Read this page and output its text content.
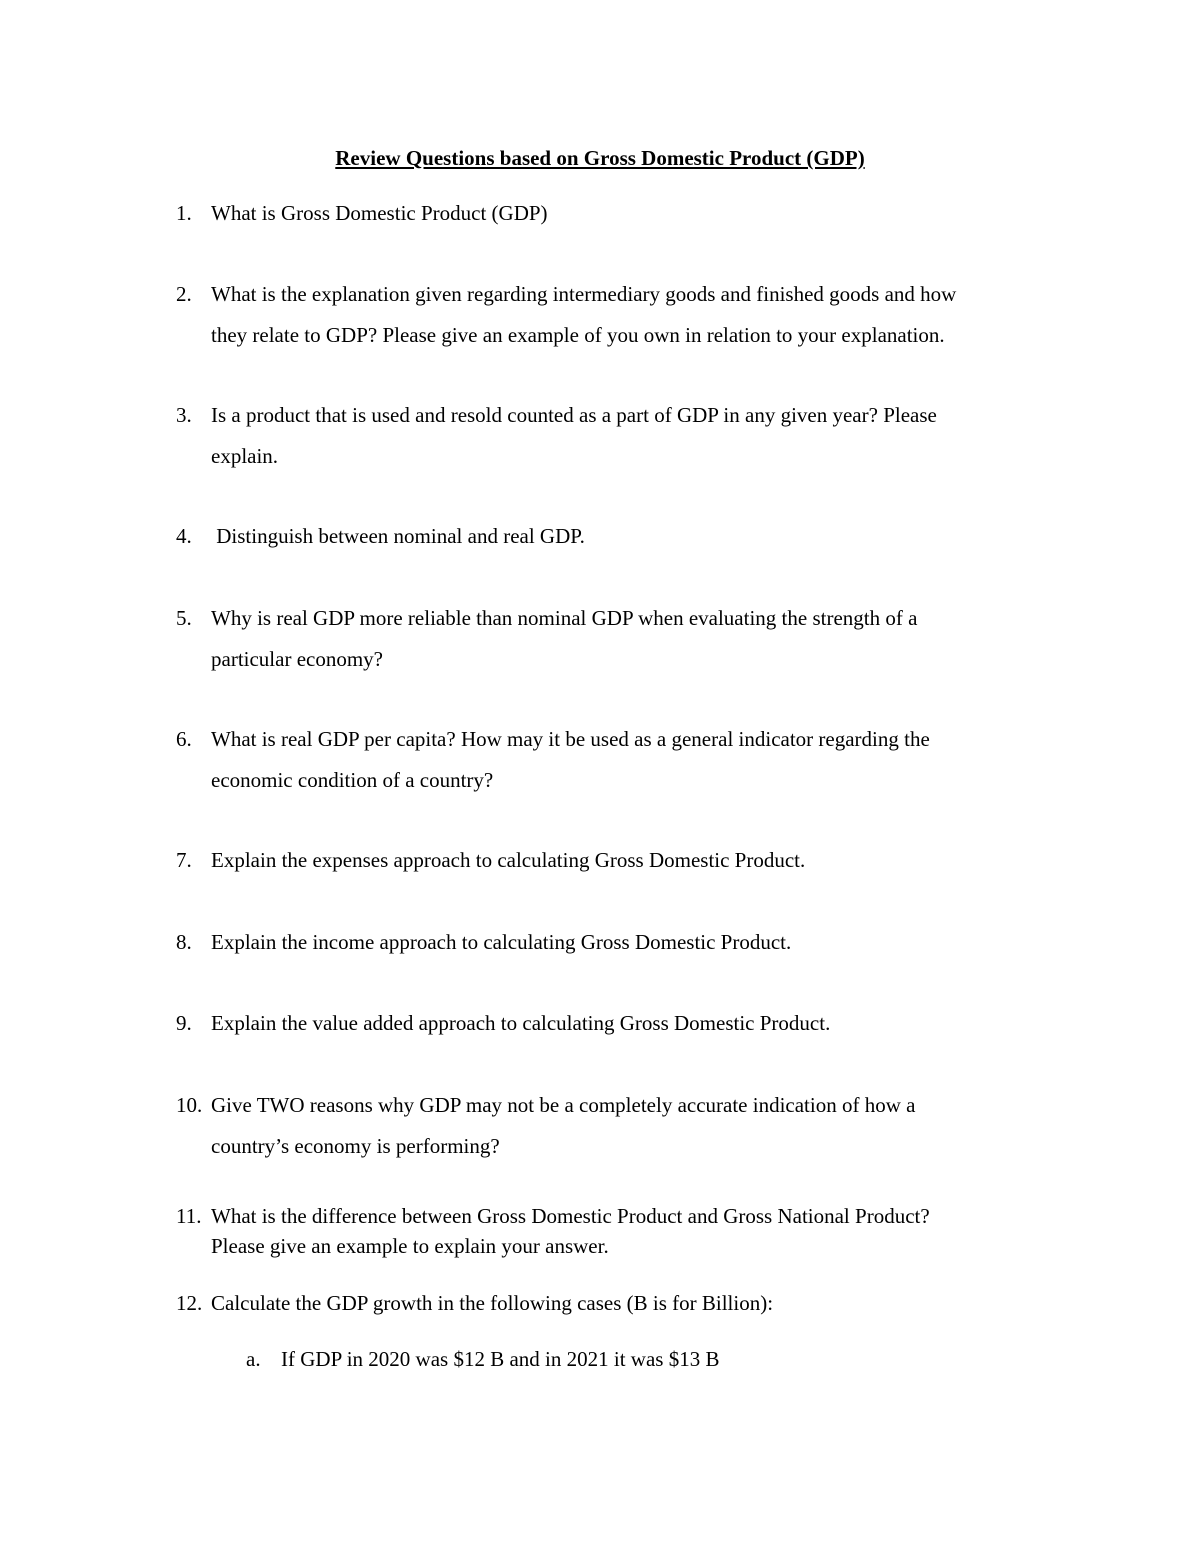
Review Questions based on Gross Domestic Product (GDP)
1. What is Gross Domestic Product (GDP)
2. What is the explanation given regarding intermediary goods and finished goods and how
they relate to GDP? Please give an example of you own in relation to your explanation.
3. Is a product that is used and resold counted as a part of GDP in any given year? Please
explain.
4. Distinguish between nominal and real GDP.
5. Why is real GDP more reliable than nominal GDP when evaluating the strength of a
particular economy?
6. What is real GDP per capita? How may it be used as a general indicator regarding the
economic condition of a country?
7. Explain the expenses approach to calculating Gross Domestic Product.
8. Explain the income approach to calculating Gross Domestic Product.
9. Explain the value added approach to calculating Gross Domestic Product.
10. Give TWO reasons why GDP may not be a completely accurate indication of how a
country’s economy is performing?
11. What is the difference between Gross Domestic Product and Gross National Product?
Please give an example to explain your answer.
12. Calculate the GDP growth in the following cases (B is for Billion):
a. If GDP in 2020 was $12 B and in 2021 it was $13 B
